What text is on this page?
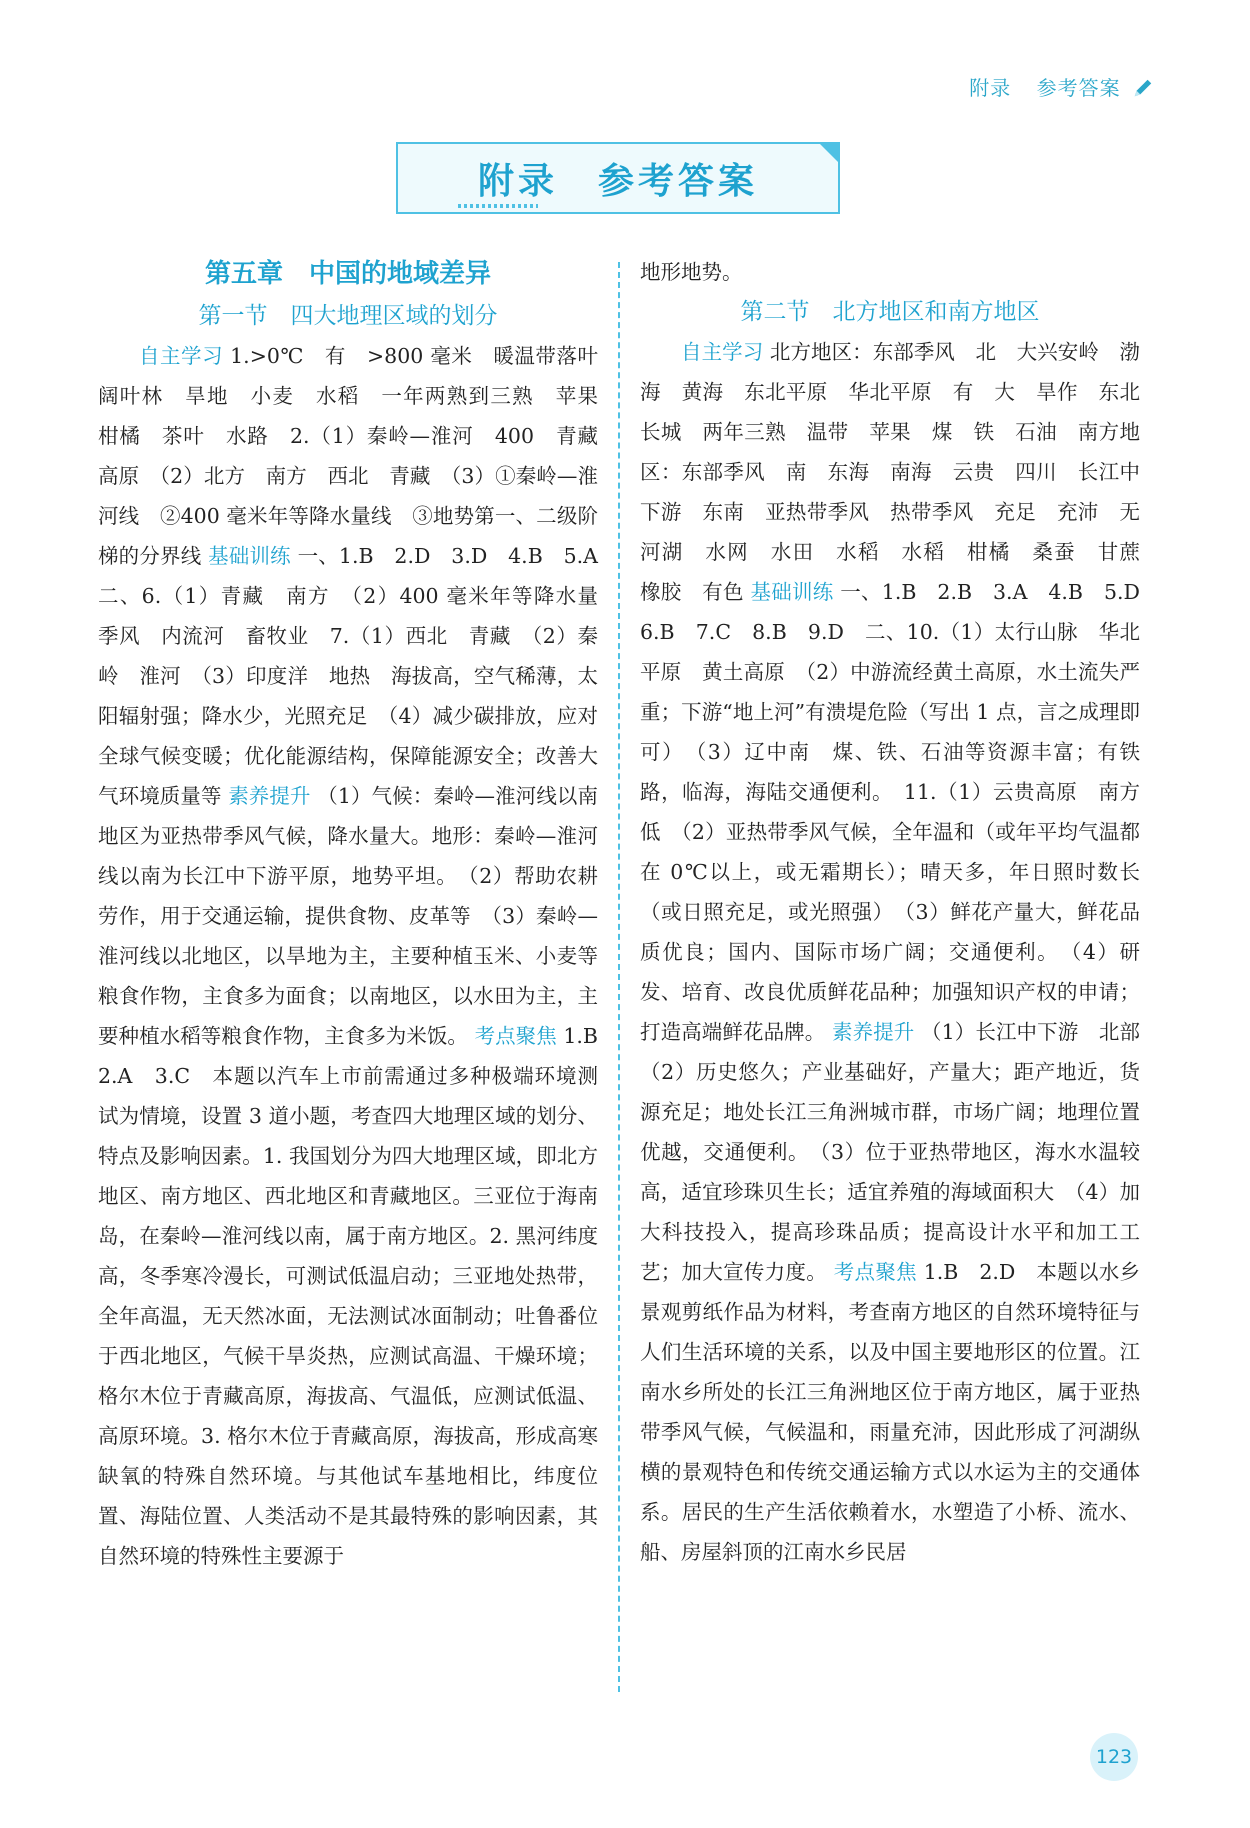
附录 参考答案
附录 参考答案
第五章　中国的地域差异
第一节　四大地理区域的划分

自主学习 1.>0℃　有　>800 毫米　暖温带落叶阔叶林　旱地　小麦　水稻　一年两熟到三熟　苹果　柑橘　茶叶　水路　2.（1）秦岭—淮河　400　青藏高原　（2）北方　南方　西北　青藏　（3）①秦岭—淮河线　②400 毫米年等降水量线　③地势第一、二级阶梯的分界线 基础训练 一、1.B　2.D　3.D　4.B　5.A　二、6.（1）青藏　南方　（2）400 毫米年等降水量　季风　内流河　畜牧业　7.（1）西北　青藏　（2）秦岭　淮河　（3）印度洋　地热　海拔高，空气稀薄，太阳辐射强；降水少，光照充足　（4）减少碳排放，应对全球气候变暖；优化能源结构，保障能源安全；改善大气环境质量等 素养提升 （1）气候：秦岭—淮河线以南地区为亚热带季风气候，降水量大。地形：秦岭—淮河线以南为长江中下游平原，地势平坦。　（2）帮助农耕劳作，用于交通运输，提供食物、皮革等　（3）秦岭—淮河线以北地区，以旱地为主，主要种植玉米、小麦等粮食作物，主食多为面食；以南地区，以水田为主，主要种植水稻等粮食作物，主食多为米饭。 考点聚焦 1.B　2.A　3.C　本题以汽车上市前需通过多种极端环境测试为情境，设置 3 道小题，考查四大地理区域的划分、特点及影响因素。1. 我国划分为四大地理区域，即北方地区、南方地区、西北地区和青藏地区。三亚位于海南岛，在秦岭—淮河线以南，属于南方地区。2. 黑河纬度高，冬季寒冷漫长，可测试低温启动；三亚地处热带，全年高温，无天然冰面，无法测试冰面制动；吐鲁番位于西北地区，气候干旱炎热，应测试高温、干燥环境；格尔木位于青藏高原，海拔高、气温低，应测试低温、高原环境。3. 格尔木位于青藏高原，海拔高，形成高寒缺氧的特殊自然环境。与其他试车基地相比，纬度位置、海陆位置、人类活动不是其最特殊的影响因素，其自然环境的特殊性主要源于

地形地势。

第二节　北方地区和南方地区

自主学习 北方地区：东部季风　北　大兴安岭　渤海　黄海　东北平原　华北平原　有　大　旱作　东北　长城　两年三熟　温带　苹果　煤　铁　石油　南方地区：东部季风　南　东海　南海　云贵　四川　长江中下游　东南　亚热带季风　热带季风　充足　充沛　无　河湖　水网　水田　水稻　水稻　柑橘　桑蚕　甘蔗　橡胶　有色 基础训练 一、1.B　2.B　3.A　4.B　5.D　6.B　7.C　8.B　9.D　二、10.（1）太行山脉　华北平原　黄土高原　（2）中游流经黄土高原，水土流失严重；下游“地上河”有溃堤危险（写出 1 点，言之成理即可）　（3）辽中南　煤、铁、石油等资源丰富；有铁路，临海，海陆交通便利。　11.（1）云贵高原　南方　低　（2）亚热带季风气候，全年温和（或年平均气温都在 0℃以上，或无霜期长）；晴天多，年日照时数长（或日照充足，或光照强）　（3）鲜花产量大，鲜花品质优良；国内、国际市场广阔；交通便利。　（4）研发、培育、改良优质鲜花品种；加强知识产权的申请；打造高端鲜花品牌。 素养提升 （1）长江中下游　北部　（2）历史悠久；产业基础好，产量大；距产地近，货源充足；地处长江三角洲城市群，市场广阔；地理位置优越，交通便利。　（3）位于亚热带地区，海水水温较高，适宜珍珠贝生长；适宜养殖的海域面积大　（4）加大科技投入，提高珍珠品质；提高设计水平和加工工艺；加大宣传力度。 考点聚焦 1.B　2.D　本题以水乡景观剪纸作品为材料，考查南方地区的自然环境特征与人们生活环境的关系，以及中国主要地形区的位置。江南水乡所处的长江三角洲地区位于南方地区，属于亚热带季风气候，气候温和，雨量充沛，因此形成了河湖纵横的景观特色和传统交通运输方式以水运为主的交通体系。居民的生产生活依赖着水，水塑造了小桥、流水、船、房屋斜顶的江南水乡民居

123
